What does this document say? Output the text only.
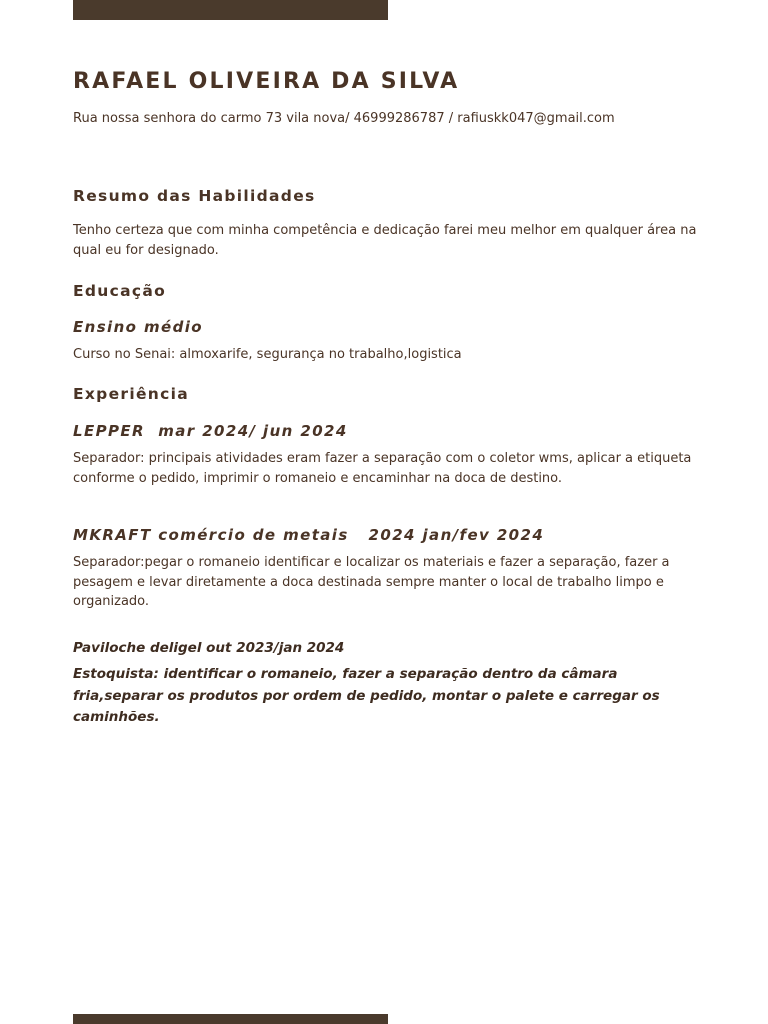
RAFAEL OLIVEIRA DA SILVA
Rua nossa senhora do carmo 73 vila nova/ 46999286787 / rafiuskk047@gmail.com
Resumo das Habilidades
Tenho certeza que com minha competência e dedicação farei meu melhor em qualquer área na qual eu for designado.
Educação
Ensino médio
Curso no Senai: almoxarife, segurança no trabalho,logistica
Experiência
LEPPER  mar 2024/ jun 2024
Separador: principais atividades eram fazer a separação com o coletor wms, aplicar a etiqueta conforme o pedido, imprimir o romaneio e encaminhar na doca de destino.
MKRAFT comércio de metais   2024 jan/fev 2024
Separador:pegar o romaneio identificar e localizar os materiais e fazer a separação, fazer a pesagem e levar diretamente a doca destinada sempre manter o local de trabalho limpo e organizado.
Paviloche deligel out 2023/jan 2024
Estoquista: identificar o romaneio, fazer a separação dentro da câmara fria,separar os produtos por ordem de pedido, montar o palete e carregar os caminhões.
